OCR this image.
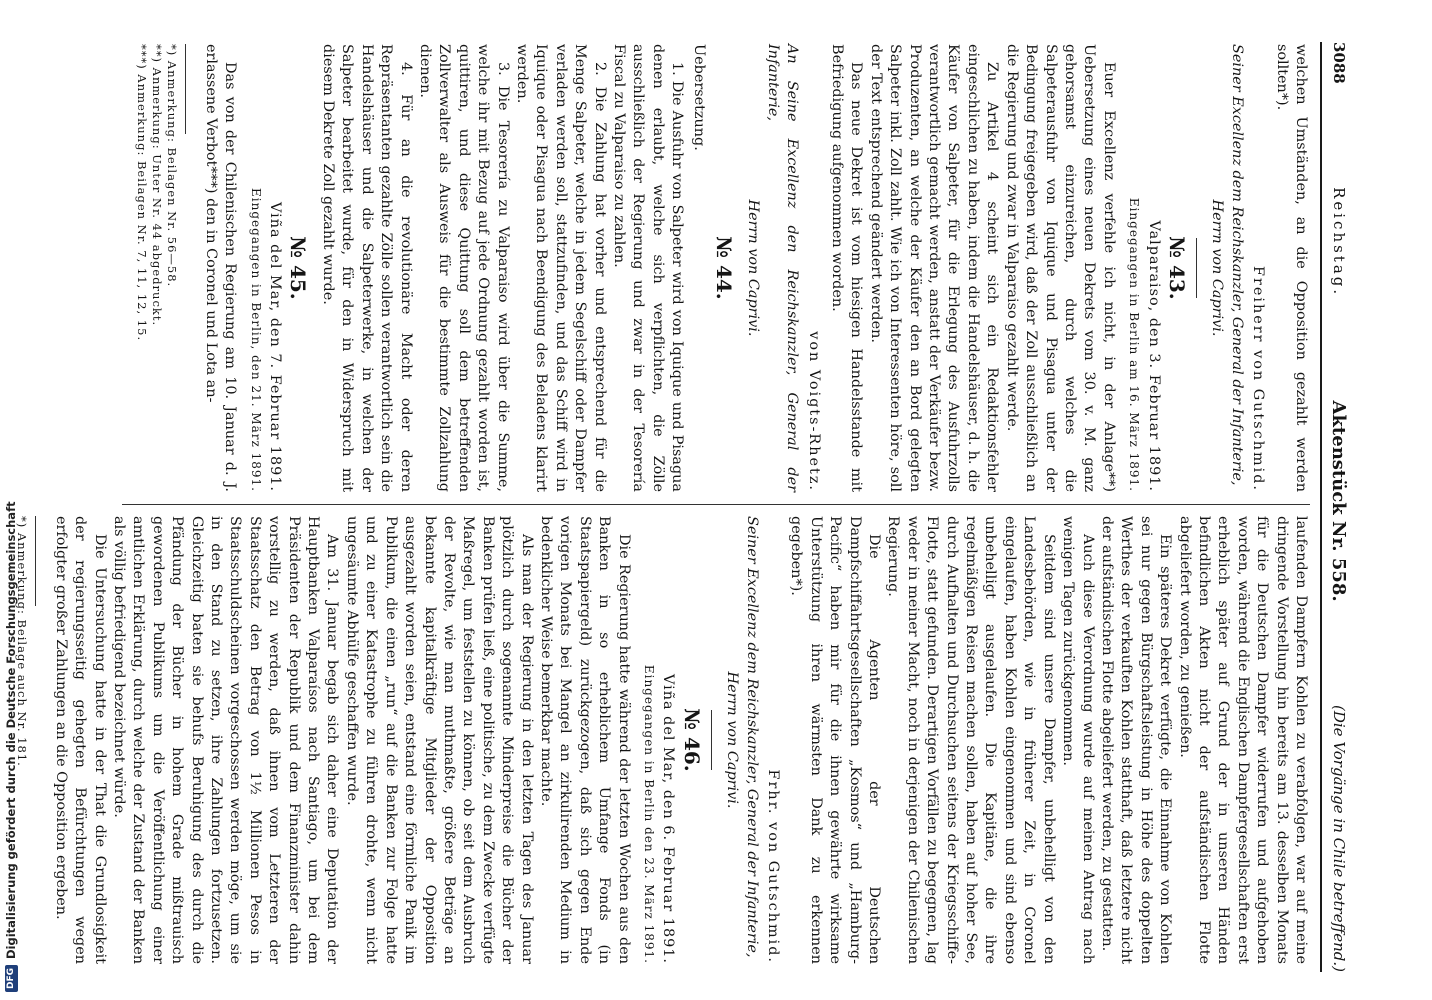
3088
Reichstag.
Aktenstück Nr. 558.
(Die Vorgänge in Chile betreffend.)

welchen Umständen, an die Opposition gezahlt werden sollten*).

Freiherr von Gutschmid.

Seiner Excellenz dem Reichskanzler, General der Infanterie,

Herrn von Caprivi.

№ 43.

Valparaiso, den 3. Februar 1891.

Eingegangen in Berlin am 16. März 1891.

Euer Excellenz verfehle ich nicht, in der Anlage**) Uebersetzung eines neuen Dekrets vom 30. v. M. ganz gehorsamst einzureichen, durch welches die Salpeterausfuhr von Iquique und Pisagua unter der Bedingung freigegeben wird, daß der Zoll ausschließlich an die Regierung und zwar in Valparaiso gezahlt werde.

Zu Artikel 4 scheint sich ein Redaktionsfehler eingeschlichen zu haben, indem die Handelshäuser, d. h. die Käufer von Salpeter, für die Erlegung des Ausfuhrzolls verantwortlich gemacht werden, anstatt der Verkäufer bezw. Produzenten, an welche der Käufer den an Bord gelegten Salpeter inkl. Zoll zahlt. Wie ich von Interessenten höre, soll der Text entsprechend geändert werden.

Das neue Dekret ist vom hiesigen Handelsstande mit Befriedigung aufgenommen worden.

von Voigts-Rhetz.

An Seine Excellenz den Reichskanzler, General der Infanterie,

Herrn von Caprivi.

№ 44.

Uebersetzung.

1. Die Ausfuhr von Salpeter wird von Iquique und Pisagua denen erlaubt, welche sich verpflichten, die Zölle ausschließlich der Regierung und zwar in der Tesorería Fiscal zu Valparaiso zu zahlen.

2. Die Zahlung hat vorher und entsprechend für die Menge Salpeter, welche in jedem Segelschiff oder Dampfer verladen werden soll, stattzufinden, und das Schiff wird in Iquique oder Pisagua nach Beendigung des Beladens klarirt werden.

3. Die Tesorería zu Valparaiso wird über die Summe, welche ihr mit Bezug auf jede Ordnung gezahlt worden ist, quittiren, und diese Quittung soll dem betreffenden Zollverwalter als Ausweis für die bestimmte Zollzahlung dienen.

4. Für an die revolutionäre Macht oder deren Repräsentanten gezahlte Zölle sollen verantwortlich sein die Handelshäuser und die Salpeterwerke, in welchen der Salpeter bearbeitet wurde, für den in Widerspruch mit diesem Dekrete Zoll gezahlt wurde.

№ 45.

Viña del Mar, den 7. Februar 1891.

Eingegangen in Berlin, den 21. März 1891.

Das von der Chilenischen Regierung am 10. Januar d. J. erlassene Verbot***) den in Coronel und Lota an-

*) Anmerkung: Beilagen Nr. 56—58.

**) Anmerkung: Unter Nr. 44 abgedruckt.

***) Anmerkung: Beilagen Nr. 7, 11, 12, 15.

laufenden Dampfern Kohlen zu verabfolgen, war auf meine dringende Vorstellung hin bereits am 13. desselben Monats für die Deutschen Dampfer widerrufen und aufgehoben worden, während die Englischen Dampfergesellschaften erst erheblich später auf Grund der in unseren Händen befindlichen Akten nicht der aufständischen Flotte abgeliefert worden, zu genießen.

Ein späteres Dekret verfügte, die Einnahme von Kohlen sei nur gegen Bürgschaftsleistung in Höhe des doppelten Werthes der verkauften Kohlen statthaft, daß letztere nicht der aufständischen Flotte abgeliefert werden, zu gestatten.

Auch diese Verordnung wurde auf meinen Antrag nach wenigen Tagen zurückgenommen.

Seitdem sind unsere Dampfer, unbehelligt von den Landesbehörden, wie in früherer Zeit, in Coronel eingelaufen, haben Kohlen eingenommen und sind ebenso unbehelligt ausgelaufen. Die Kapitäne, die ihre regelmäßigen Reisen machen sollen, haben auf hoher See, durch Aufhalten und Durchsuchen seitens der Kriegsschiffe-Flotte, statt gefunden. Derartigen Vorfällen zu begegnen, lag weder in meiner Macht, noch in derjenigen der Chilenischen Regierung.

Die Agenten der Deutschen Dampfschiffahrtsgesellschaften „Kosmos“ und „Hamburg-Pacific“ haben mir für die ihnen gewährte wirksame Unterstützung ihren wärmsten Dank zu erkennen gegeben*).

Frhr. von Gutschmid.

Seiner Excellenz dem Reichskanzler, General der Infanterie,

Herrn von Caprivi.

№ 46.

Viña del Mar, den 6. Februar 1891.

Eingegangen in Berlin den 23. März 1891.

Die Regierung hatte während der letzten Wochen aus den Banken in so erheblichem Umfange Fonds (in Staatspapiergeld) zurückgezogen, daß sich gegen Ende vorigen Monats bei Mangel an zirkulirenden Medium in bedenklicher Weise bemerkbar machte.

Als man der Regierung in den letzten Tagen des Januar plötzlich durch sogenannte Minderpreise die Bücher der Banken prüfen ließ, eine politische, zu dem Zwecke verfügte Maßregel, um feststellen zu können, ob seit dem Ausbruch der Revolte, wie man muthmaßte, größere Beträge an bekannte kapitalkräftige Mitglieder der Opposition ausgezahlt worden seien, entstand eine förmliche Panik im Publikum, die einen „run“ auf die Banken zur Folge hatte und zu einer Katastrophe zu führen drohte, wenn nicht ungesäumte Abhülfe geschaffen wurde.

Am 31. Januar begab sich daher eine Deputation der Hauptbanken Valparaísos nach Santiago, um bei dem Präsidenten der Republik und dem Finanzminister dahin vorstellig zu werden, daß ihnen vom Letzteren der Staatsschatz den Betrag von 1½ Millionen Pesos in Staatsschuldscheinen vorgeschossen werden möge, um sie in den Stand zu setzen, ihre Zahlungen fortzusetzen. Gleichzeitig baten sie behufs Beruhigung des durch die Pfändung der Bücher in hohem Grade mißtrauisch gewordenen Publikums um die Veröffentlichung einer amtlichen Erklärung, durch welche der Zustand der Banken als völlig befriedigend bezeichnet würde.

Die Untersuchung hatte in der That die Grundlosigkeit der regierungsseitig gehegten Befürchtungen wegen erfolgter großer Zahlungen an die Opposition ergeben.

*) Anmerkung: Beilage auch Nr. 181.

DFG
Digitalisierung gefördert durch die Deutsche Forschungsgemeinschaft
